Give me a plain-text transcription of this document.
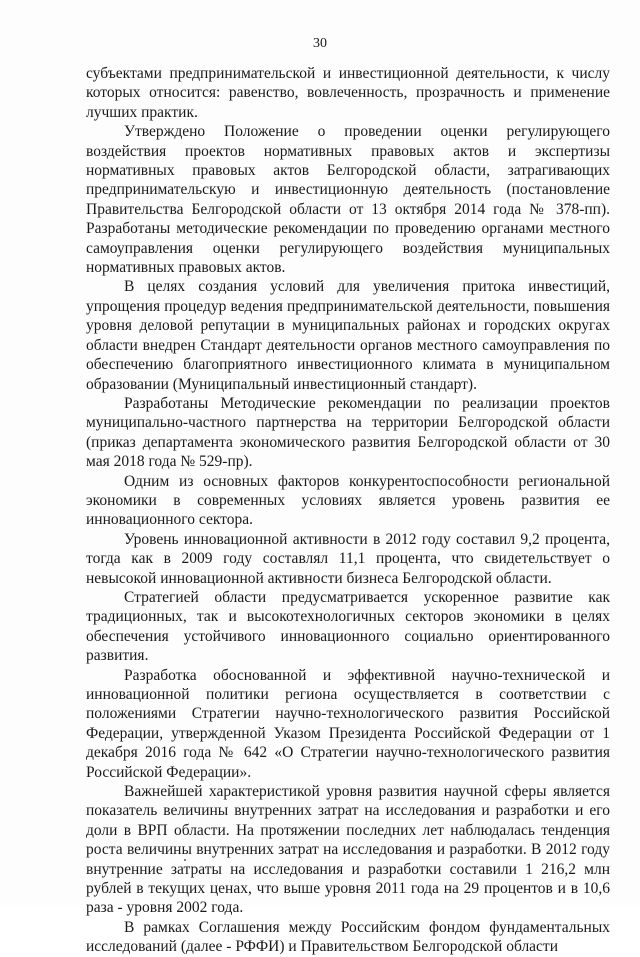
30

субъектами предпринимательской и инвестиционной деятельности, к числу которых относится: равенство, вовлеченность, прозрачность и применение лучших практик.

Утверждено Положение о проведении оценки регулирующего воздействия проектов нормативных правовых актов и экспертизы нормативных правовых актов Белгородской области, затрагивающих предпринимательскую и инвестиционную деятельность (постановление Правительства Белгородской области от 13 октября 2014 года № 378-пп). Разработаны методические рекомендации по проведению органами местного самоуправления оценки регулирующего воздействия муниципальных нормативных правовых актов.

В целях создания условий для увеличения притока инвестиций, упрощения процедур ведения предпринимательской деятельности, повышения уровня деловой репутации в муниципальных районах и городских округах области внедрен Стандарт деятельности органов местного самоуправления по обеспечению благоприятного инвестиционного климата в муниципальном образовании (Муниципальный инвестиционный стандарт).

Разработаны Методические рекомендации по реализации проектов муниципально-частного партнерства на территории Белгородской области (приказ департамента экономического развития Белгородской области от 30 мая 2018 года № 529-пр).

Одним из основных факторов конкурентоспособности региональной экономики в современных условиях является уровень развития ее инновационного сектора.

Уровень инновационной активности в 2012 году составил 9,2 процента, тогда как в 2009 году составлял 11,1 процента, что свидетельствует о невысокой инновационной активности бизнеса Белгородской области.

Стратегией области предусматривается ускоренное развитие как традиционных, так и высокотехнологичных секторов экономики в целях обеспечения устойчивого инновационного социально ориентированного развития.

Разработка обоснованной и эффективной научно-технической и инновационной политики региона осуществляется в соответствии с положениями Стратегии научно-технологического развития Российской Федерации, утвержденной Указом Президента Российской Федерации от 1 декабря 2016 года № 642 «О Стратегии научно-технологического развития Российской Федерации».

Важнейшей характеристикой уровня развития научной сферы является показатель величины внутренних затрат на исследования и разработки и его доли в ВРП области. На протяжении последних лет наблюдалась тенденция роста величины внутренних затрат на исследования и разработки. В 2012 году внутренние затраты на исследования и разработки составили 1 216,2 млн рублей в текущих ценах, что выше уровня 2011 года на 29 процентов и в 10,6 раза - уровня 2002 года.

В рамках Соглашения между Российским фондом фундаментальных исследований (далее - РФФИ) и Правительством Белгородской области
